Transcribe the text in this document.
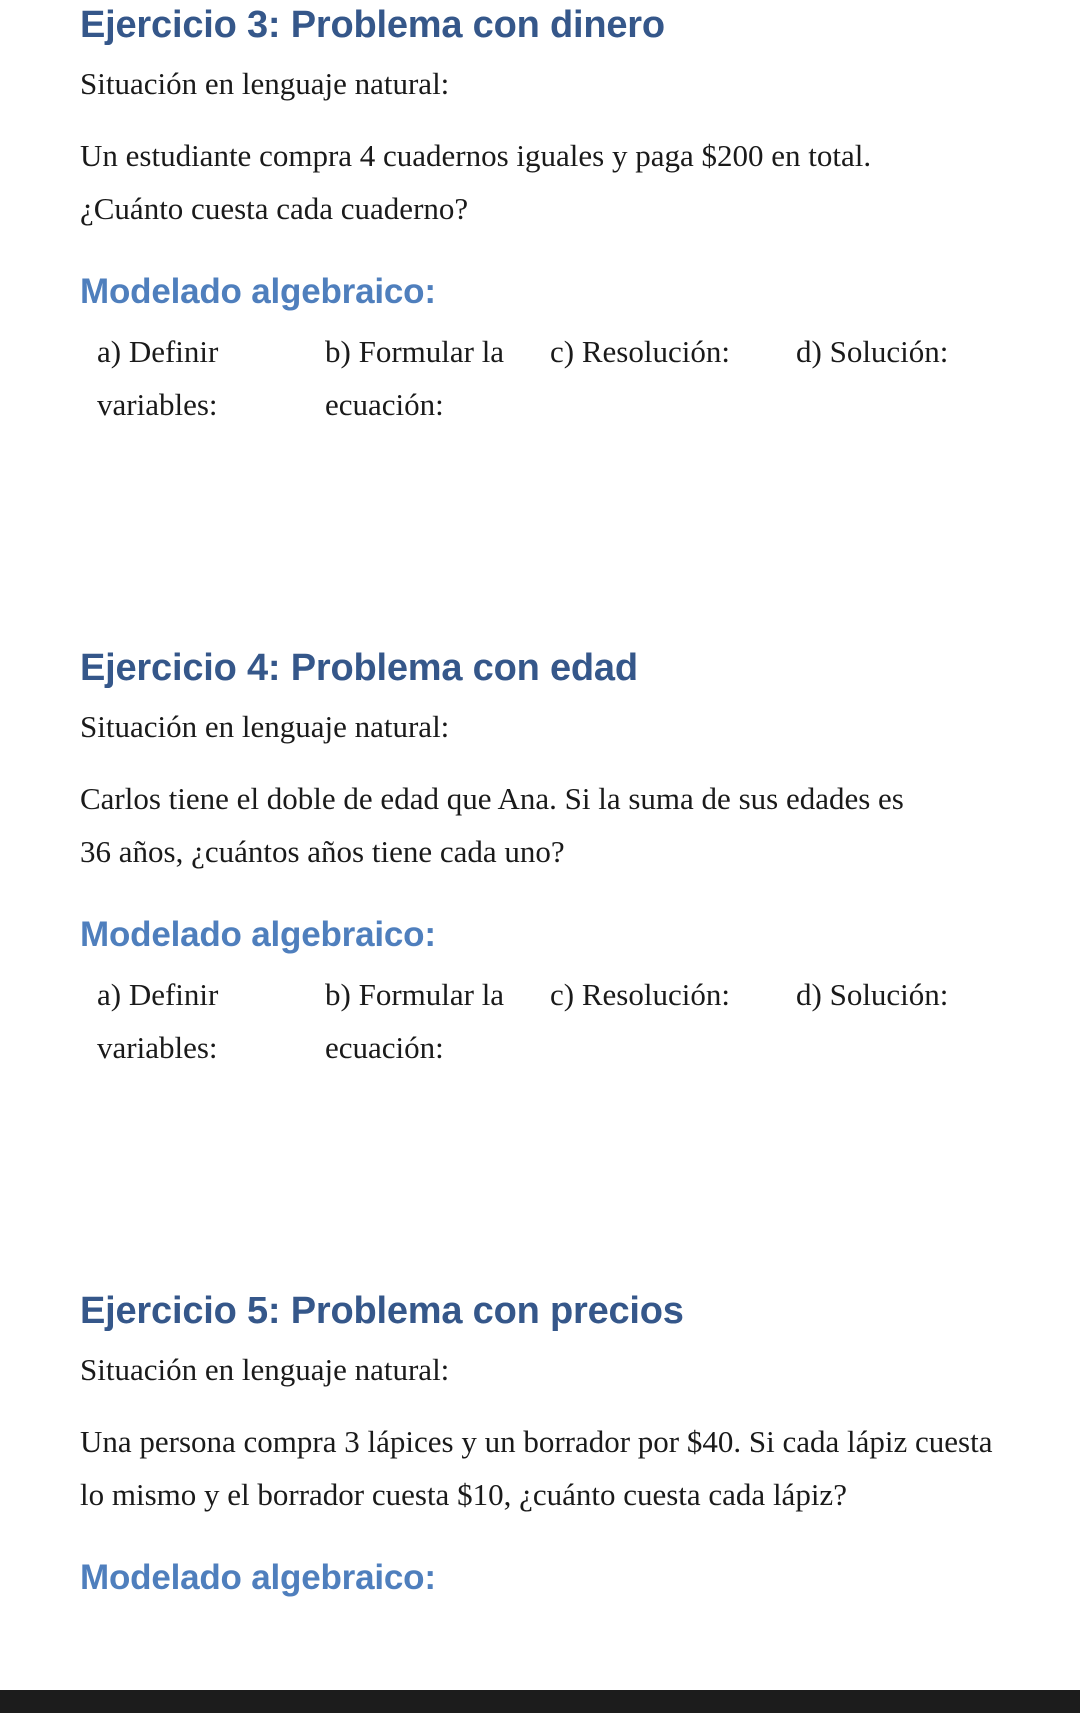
Ejercicio 3: Problema con dinero

Situación en lenguaje natural:

Un estudiante compra 4 cuadernos iguales y paga $200 en total. ¿Cuánto cuesta cada cuaderno?

Modelado algebraico:
a) Definir variables:
b) Formular la ecuación:
c) Resolución:	d) Solución:
Ejercicio 4: Problema con edad

Situación en lenguaje natural:

Carlos tiene el doble de edad que Ana. Si la suma de sus edades es 36 años, ¿cuántos años tiene cada uno?

Modelado algebraico:
a) Definir variables:
b) Formular la ecuación:
c) Resolución:	d) Solución:
Ejercicio 5: Problema con precios

Situación en lenguaje natural:

Una persona compra 3 lápices y un borrador por $40. Si cada lápiz cuesta lo mismo y el borrador cuesta $10, ¿cuánto cuesta cada lápiz?

Modelado algebraico:
